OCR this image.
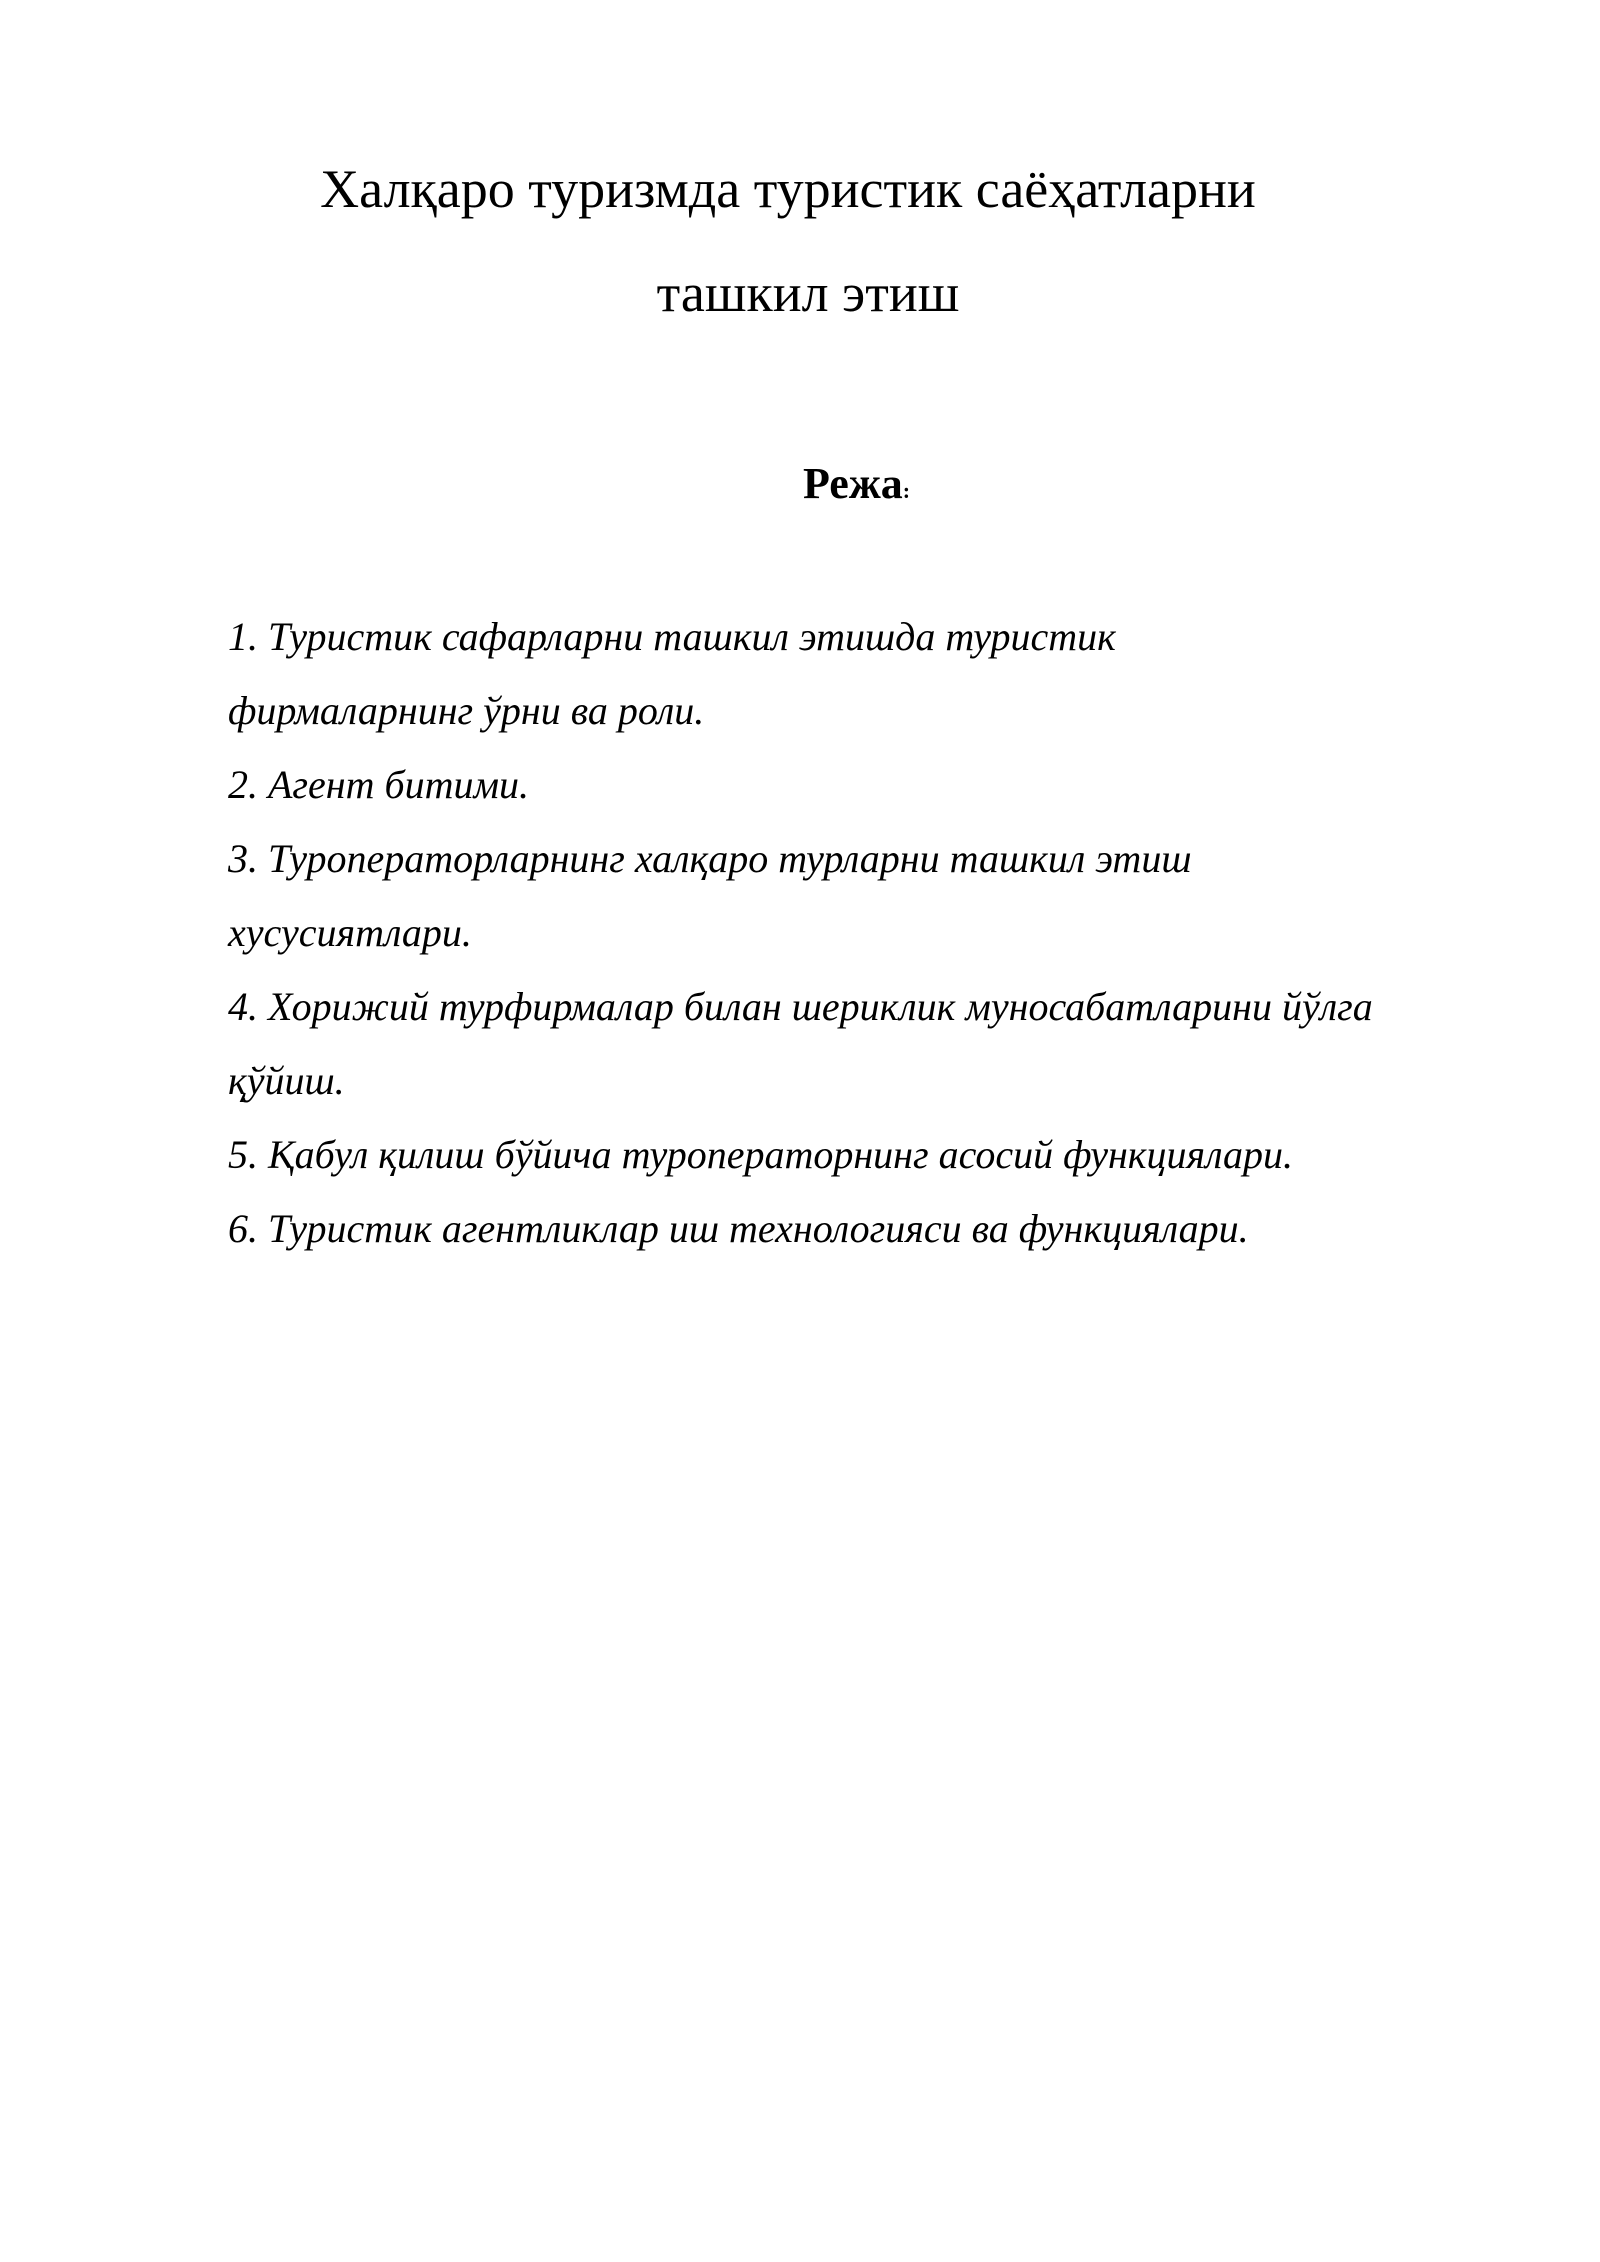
Халқаро туризмда туристик саёҳатларни
ташкил этиш
Режа:
1. Туристик сафарларни ташкил этишда туристик
фирмаларнинг ўрни ва роли.
2. Агент битими.
3. Туроператорларнинг халқаро турларни ташкил этиш
хусусиятлари.
4. Хорижий турфирмалар билан шериклик муносабатларини йўлга
қўйиш.
5. Қабул қилиш бўйича туроператорнинг асосий функциялари.
6. Туристик агентликлар иш технологияси ва функциялари.
